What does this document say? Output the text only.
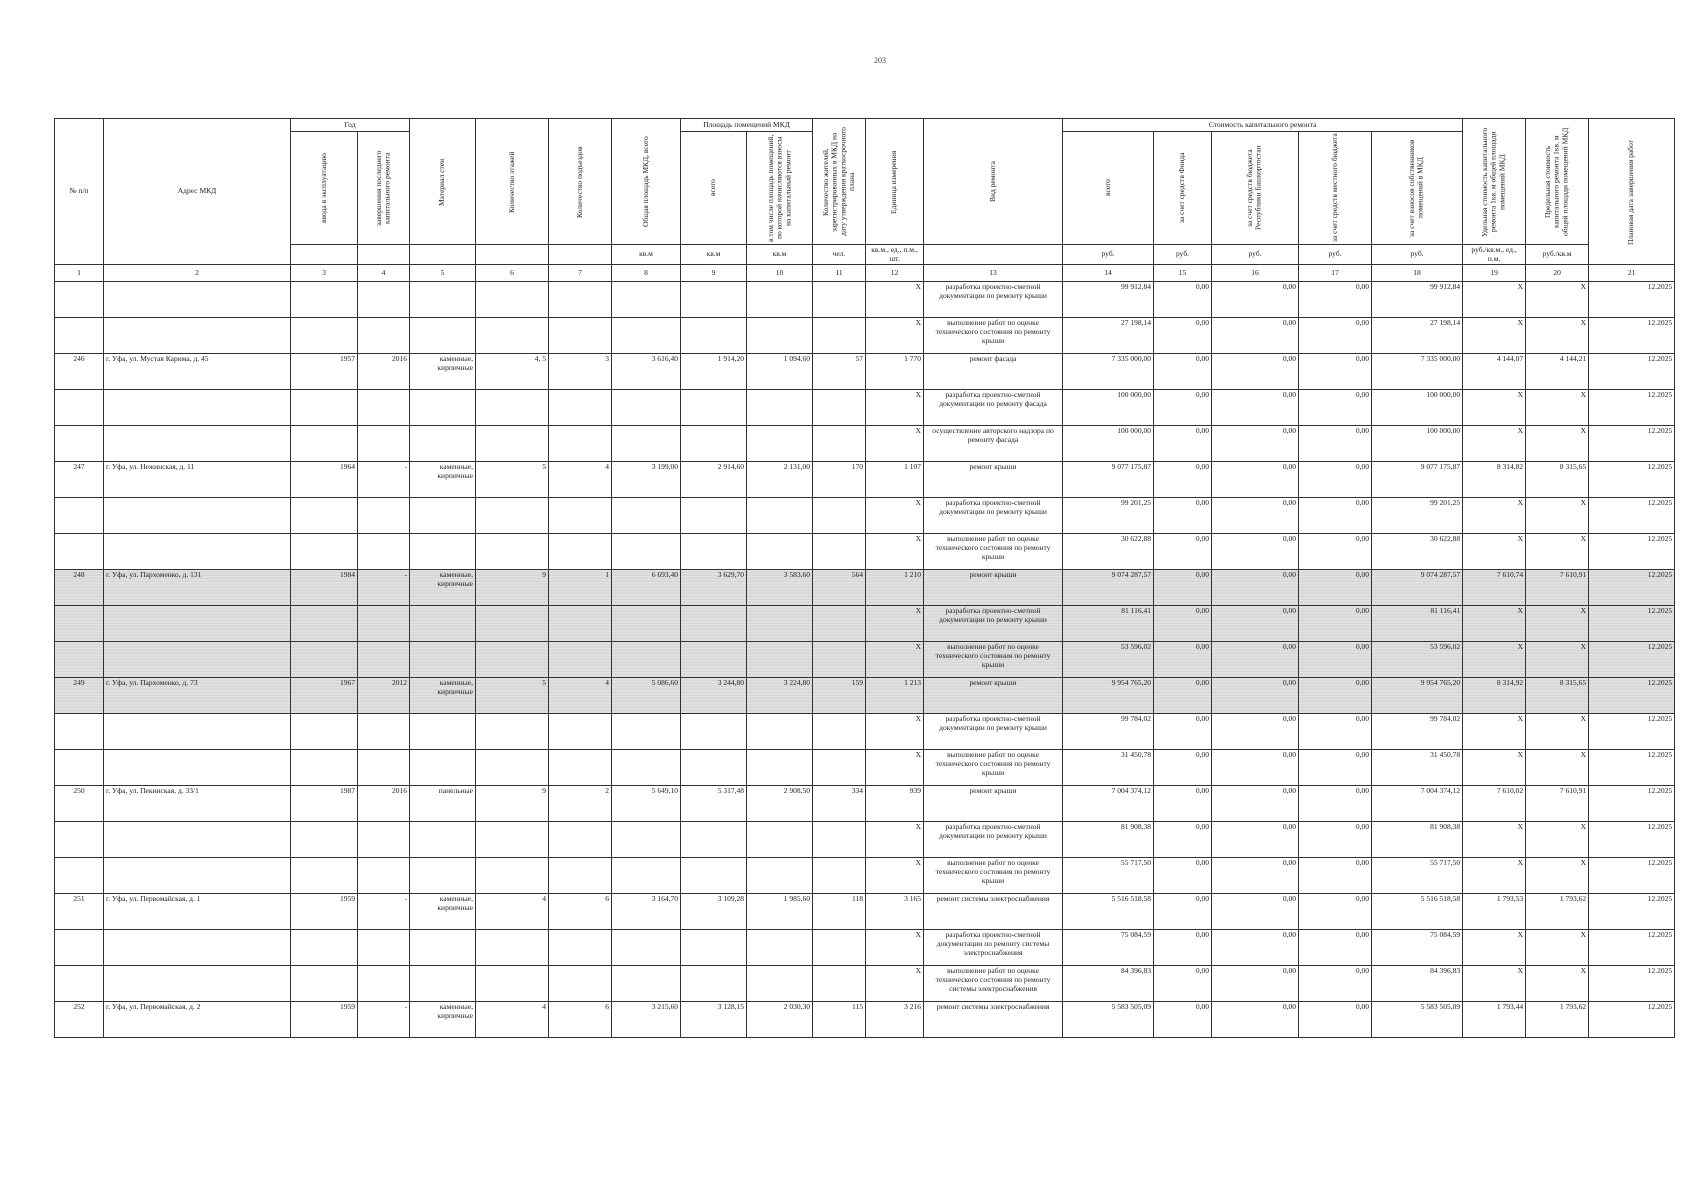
203
№ п/п	Адрес МКД	Год		Материал стен	Количество этажей	Количество подъездов	Общая площадь МКД, всего	Площадь помещений МКД		Количество жителей, зарегистрированных в МКД на дату утверждения краткосрочного плана	Единица измерения	Вид ремонта	Стоимость капитального ремонта					Удельная стоимость капитального ремонта 1кв. м общей площади помещений МКД	Предельная стоимость капитального ремонта 1кв. м общей площади помещений МКД	Плановая дата завершения работ

		ввода в эксплуатацию	завершения последнего капитального ремонта					всего	в том числе площадь помещений, по которой начисляются взносы на капитальный ремонт				всего	за счет средств Фонда	за счет средств бюджета Республики Башкортостан	за счет средств местного бюджета	за счет взносов собственников помещений в МКД			

							кв.м	кв.м	кв.м	чел.	кв.м., ед., п.м., шт.		руб.	руб.	руб.	руб.	руб.	руб./кв.м., ед., п.м.	руб./кв.м	
1	2	3	4	5	6	7	8	9	10	11	12	13	14	15	16	17	18	19	20	21
											X	разработка проектно-сметной документации по ремонту крыши	99 912,84	0,00	0,00	0,00	99 912,84	X	X	12.2025
											X	выполнение работ по оценке технического состояния по ремонту крыши	27 198,14	0,00	0,00	0,00	27 198,14	X	X	12.2025
246	г. Уфа, ул. Мустая Карима, д. 45	1957	2016	каменные, кирпичные	4, 5	3	3 616,40	1 914,20	1 094,60	57	1 770	ремонт фасада	7 335 000,00	0,00	0,00	0,00	7 335 000,00	4 144,07	4 144,21	12.2025
											X	разработка проектно-сметной документации по ремонту фасада	100 000,00	0,00	0,00	0,00	100 000,00	X	X	12.2025
											X	осуществление авторского надзора по ремонту фасада	100 000,00	0,00	0,00	0,00	100 000,00	X	X	12.2025
247	г. Уфа, ул. Нежинская, д. 11	1964	-	каменные, кирпичные	5	4	3 199,00	2 914,60	2 131,00	170	1 107	ремонт крыши	9 077 175,87	0,00	0,00	0,00	9 077 175,87	8 314,82	8 315,65	12.2025
											X	разработка проектно-сметной документации по ремонту крыши	99 201,25	0,00	0,00	0,00	99 201,25	X	X	12.2025
											X	выполнение работ по оценке технического состояния по ремонту крыши	30 622,88	0,00	0,00	0,00	30 622,88	X	X	12.2025
248	г. Уфа, ул. Пархоменко, д. 131	1984	-	каменные, кирпичные	9	1	6 693,40	3 629,70	3 583,60	564	1 210	ремонт крыши	9 074 287,57	0,00	0,00	0,00	9 074 287,57	7 610,74	7 610,91	12.2025
											X	разработка проектно-сметной документации по ремонту крыши	81 116,41	0,00	0,00	0,00	81 116,41	X	X	12.2025
											X	выполнение работ по оценке технического состояния по ремонту крыши	53 596,02	0,00	0,00	0,00	53 596,02	X	X	12.2025
249	г. Уфа, ул. Пархоменко, д. 73	1967	2012	каменные, кирпичные	5	4	5 086,60	3 244,80	3 224,80	159	1 213	ремонт крыши	9 954 765,20	0,00	0,00	0,00	9 954 765,20	8 314,92	8 315,65	12.2025
											X	разработка проектно-сметной документации по ремонту крыши	99 784,02	0,00	0,00	0,00	99 784,02	X	X	12.2025
											X	выполнение работ по оценке технического состояния по ремонту крыши	31 450,78	0,00	0,00	0,00	31 450,78	X	X	12.2025
250	г. Уфа, ул. Пекинская, д. 33/1	1987	2016	панельные	9	2	5 649,10	5 317,48	2 908,50	334	939	ремонт крыши	7 004 374,12	0,00	0,00	0,00	7 004 374,12	7 610,02	7 610,91	12.2025
											X	разработка проектно-сметной документации по ремонту крыши	81 908,38	0,00	0,00	0,00	81 908,38	X	X	12.2025
											X	выполнение работ по оценке технического состояния по ремонту крыши	55 717,50	0,00	0,00	0,00	55 717,50	X	X	12.2025
251	г. Уфа, ул. Первомайская, д. 1	1959	-	каменные, кирпичные	4	6	3 164,70	3 109,28	1 985,60	118	3 165	ремонт системы электроснабжения	5 516 518,58	0,00	0,00	0,00	5 516 518,58	1 793,53	1 793,62	12.2025
											X	разработка проектно-сметной документации по ремонту системы электроснабжения	75 084,59	0,00	0,00	0,00	75 084,59	X	X	12.2025
											X	выполнение работ по оценке технического состояния по ремонту системы электроснабжения	84 396,83	0,00	0,00	0,00	84 396,83	X	X	12.2025
252	г. Уфа, ул. Первомайская, д. 2	1959	-	каменные, кирпичные	4	6	3 215,60	3 128,15	2 030,30	115	3 216	ремонт системы электроснабжения	5 583 505,09	0,00	0,00	0,00	5 583 505,09	1 793,44	1 793,62	12.2025
